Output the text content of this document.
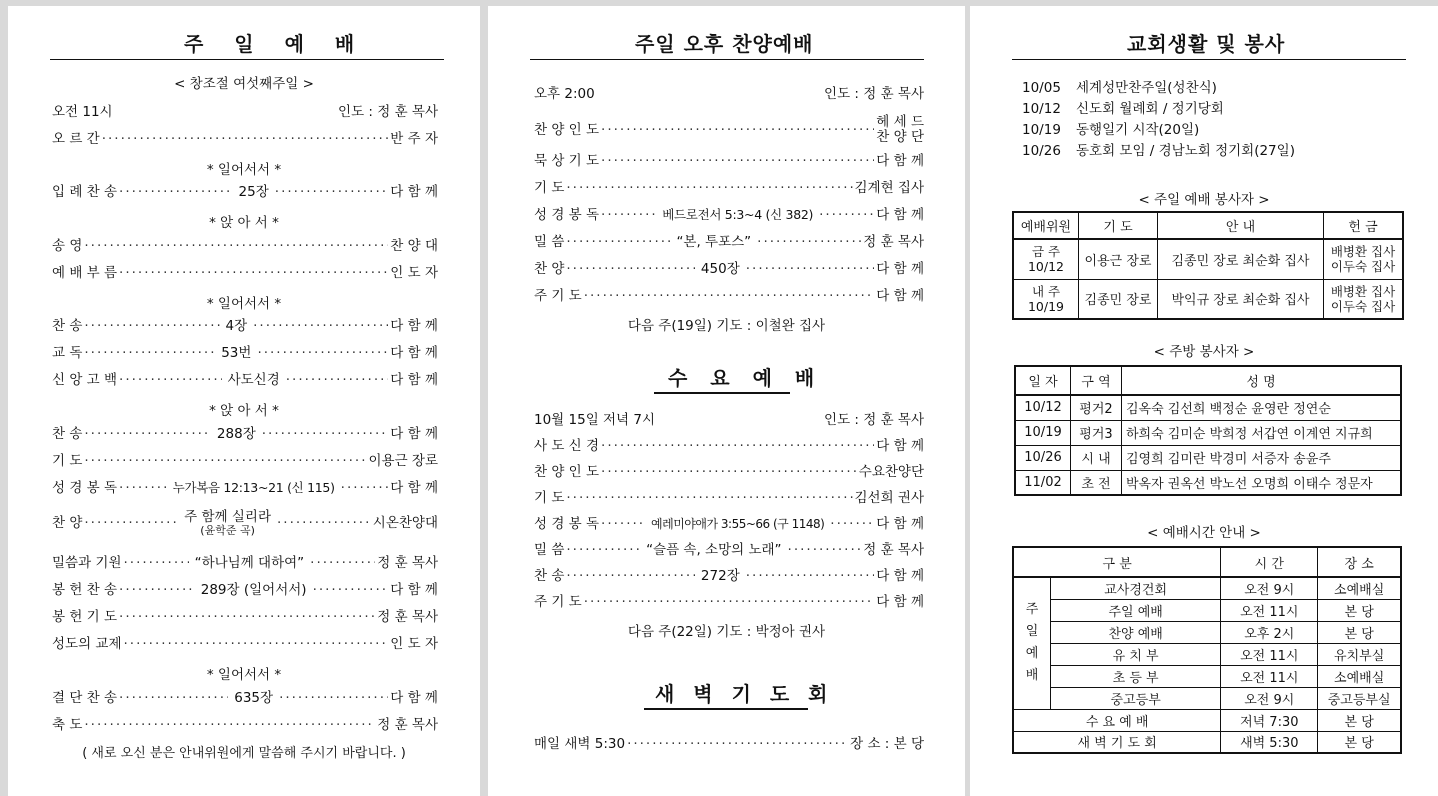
주 일 예 배
< 창조절 여섯째주일 >
오전 11시	인도 : 정 훈 목사
오 르 간 ·····	반 주 자
* 일어서서 *
입 례 찬 송 ·····	25장 ·····	다 함 께
* 앉 아 서 *
송 영 ·····	찬 양 대
예 배 부 름 ·····	인 도 자
* 일어서서 *
찬 송 ·····	4장 ·····	다 함 께
교 독 ·····	53번 ·····	다 함 께
신 앙 고 백 ·····	사도신경 ·····	다 함 께
* 앉 아 서 *
찬 송 ·····	288장 ·····	다 함 께
기 도 ·····	이용근 장로
성 경 봉 독 ·····	누가복음 12:13~21 (신 115) ·····	다 함 께
찬 양 ·····	주 함께 실리라
(윤학준 곡) ·····	시온찬양대
밀씀과 기원 ·····	“하나님께 대하여” ·····	정 훈 목사
봉 헌 찬 송 ·····	289장 (일어서서) ·····	다 함 께
봉 헌 기 도 ·····	정 훈 목사
성도의 교제 ·····	인 도 자
* 일어서서 *
결 단 찬 송 ·····	635장 ·····	다 함 께
축 도 ·····	정 훈 목사
( 새로 오신 분은 안내위원에게 말씀해 주시기 바랍니다. )
주일 오후 찬양예배
오후 2:00	인도 : 정 훈 목사
찬 양 인 도 ·····	헤 세 드
찬 양 단
묵 상 기 도 ·····	다 함 께
기 도 ·····	김계현 집사
성 경 봉 독 ·····	베드로전서 5:3~4 (신 382) ·····	다 함 께
밀 씀 ·····	“본, 투포스” ·····	정 훈 목사
찬 양 ·····	450장 ·····	다 함 께
주 기 도 ·····	다 함 께
다음 주(19일) 기도 : 이철완 집사
수 요 예 배
10월 15일 저녁 7시	인도 : 정 훈 목사
사 도 신 경 ·····	다 함 께
찬 양 인 도 ·····	수요찬양단
기 도 ·····	김선희 권사
성 경 봉 독 ·····	예레미야애가 3:55~66 (구 1148) ·····	다 함 께
밀 씀 ·····	“슬픔 속, 소망의 노래” ·····	정 훈 목사
찬 송 ·····	272장 ·····	다 함 께
주 기 도 ·····	다 함 께
다음 주(22일) 기도 : 박정아 권사
새 벽 기 도 회
매일 새벽 5:30 ·····	장 소 : 본 당
교회생활 및 봉사
10/05	세계성만찬주일(성찬식)
10/12	신도회 월례회 / 정기당회
10/19	동행일기 시작(20일)
10/26	동호회 모임 / 경남노회 정기회(27일)
< 주일 예배 봉사자 >
예배위원	기 도	안 내	헌 금

금 주
10/12	이용근 장로	김종민 장로 최순화 집사	배병환 집사
이두숙 집사

내 주
10/19	김종민 장로	박익규 장로 최순화 집사	배병환 집사
이두숙 집사
< 주방 봉사자 >
일 자	구 역	성 명
10/12	평거2	김옥숙 김선희 백정순 윤영란 정연순
10/19	평거3	하희숙 김미순 박희정 서갑연 이계연 지규희
10/26	시 내	김영희 김미란 박경미 서증자 송윤주
11/02	초 전	박옥자 권옥선 박노선 오명희 이태수 정문자
< 예배시간 안내 >
구 분		시 간	장 소

주
일
예
배	교사경건회	오전 9시	소예배실
	주일 예배	오전 11시	본 당
	찬양 예배	오후 2시	본 당
	유 치 부	오전 11시	유치부실
	초 등 부	오전 11시	소예배실
	중고등부	오전 9시	중고등부실
수 요 예 배		저녁 7:30	본 당
새 벽 기 도 회		새벽 5:30	본 당
